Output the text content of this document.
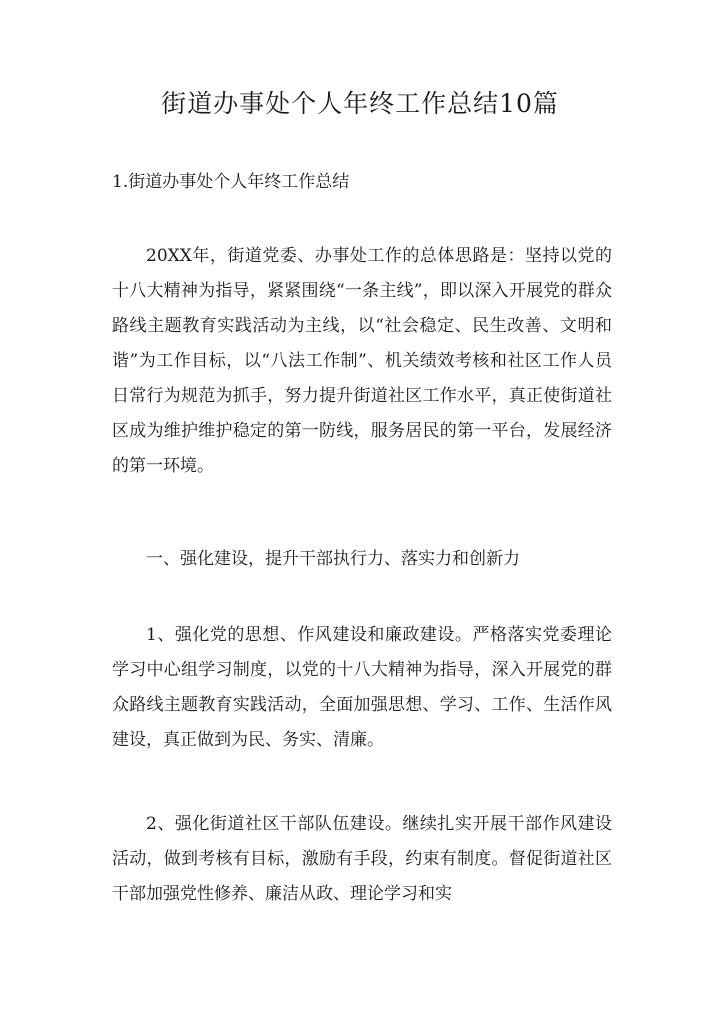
街道办事处个人年终工作总结10篇
1.街道办事处个人年终工作总结

20XX年，街道党委、办事处工作的总体思路是：坚持以党的十八大精神为指导，紧紧围绕“一条主线”，即以深入开展党的群众路线主题教育实践活动为主线，以“社会稳定、民生改善、文明和谐”为工作目标，以“八法工作制”、机关绩效考核和社区工作人员日常行为规范为抓手，努力提升街道社区工作水平，真正使街道社区成为维护维护稳定的第一防线，服务居民的第一平台，发展经济的第一环境。

一、强化建设，提升干部执行力、落实力和创新力

1、强化党的思想、作风建设和廉政建设。严格落实党委理论学习中心组学习制度，以党的十八大精神为指导，深入开展党的群众路线主题教育实践活动，全面加强思想、学习、工作、生活作风建设，真正做到为民、务实、清廉。

2、强化街道社区干部队伍建设。继续扎实开展干部作风建设活动，做到考核有目标，激励有手段，约束有制度。督促街道社区干部加强党性修养、廉洁从政、理论学习和实
